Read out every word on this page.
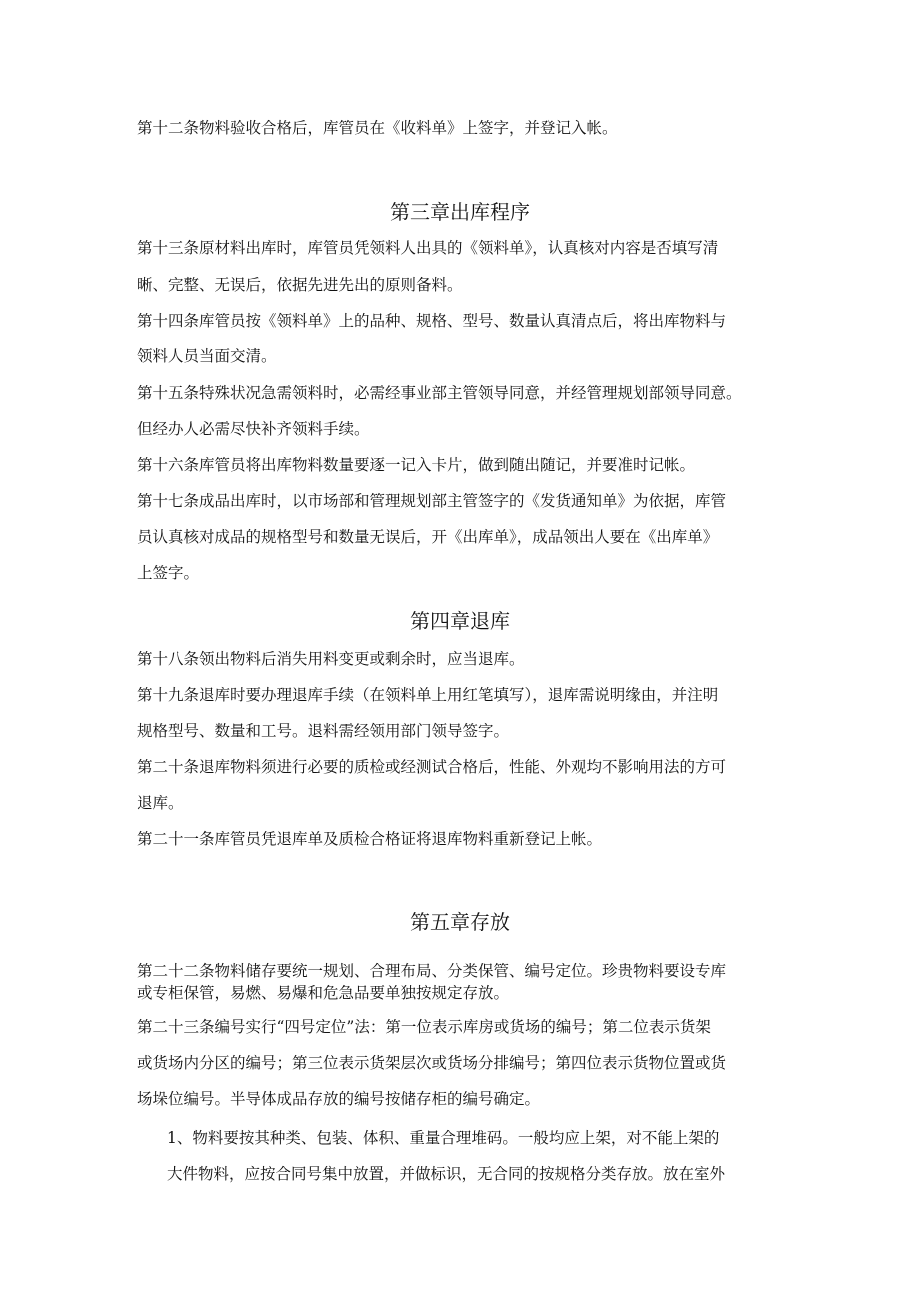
第十二条物料验收合格后，库管员在《收料单》上签字，并登记入帐。

第三章出库程序

第十三条原材料出库时，库管员凭领料人出具的《领料单》，认真核对内容是否填写清

晰、完整、无误后，依据先进先出的原则备料。

第十四条库管员按《领料单》上的品种、规格、型号、数量认真清点后，将出库物料与

领料人员当面交清。

第十五条特殊状况急需领料时，必需经事业部主管领导同意，并经管理规划部领导同意。

但经办人必需尽快补齐领料手续。

第十六条库管员将出库物料数量要逐一记入卡片，做到随出随记，并要准时记帐。

第十七条成品出库时，以市场部和管理规划部主管签字的《发货通知单》为依据，库管

员认真核对成品的规格型号和数量无误后，开《出库单》，成品领出人要在《出库单》

上签字。

第四章退库

第十八条领出物料后消失用料变更或剩余时，应当退库。

第十九条退库时要办理退库手续（在领料单上用红笔填写），退库需说明缘由，并注明

规格型号、数量和工号。退料需经领用部门领导签字。

第二十条退库物料须进行必要的质检或经测试合格后，性能、外观均不影响用法的方可

退库。

第二十一条库管员凭退库单及质检合格证将退库物料重新登记上帐。

第五章存放

第二十二条物料储存要统一规划、合理布局、分类保管、编号定位。珍贵物料要设专库

或专柜保管，易燃、易爆和危急品要单独按规定存放。

第二十三条编号实行“四号定位”法：第一位表示库房或货场的编号；第二位表示货架

或货场内分区的编号；第三位表示货架层次或货场分排编号；第四位表示货物位置或货

场垛位编号。半导体成品存放的编号按储存柜的编号确定。

1、物料要按其种类、包装、体积、重量合理堆码。一般均应上架，对不能上架的

大件物料，应按合同号集中放置，并做标识，无合同的按规格分类存放。放在室外
